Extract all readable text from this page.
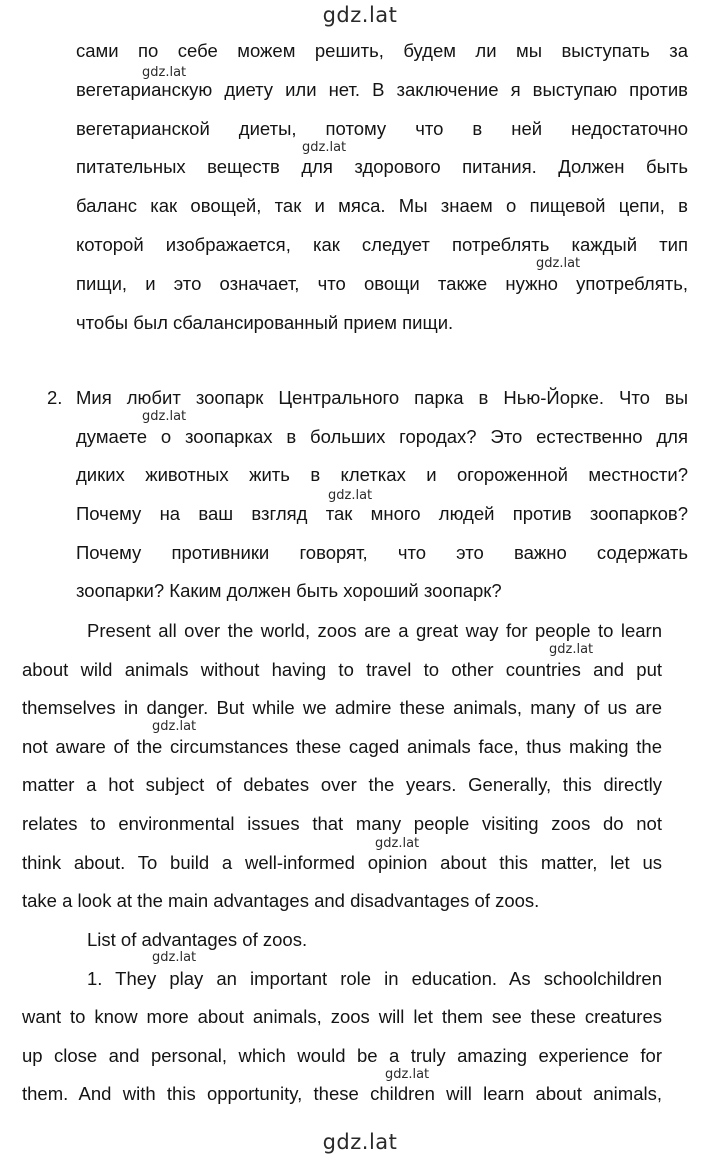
gdz.lat
gdz.lat
сами по себе можем решить, будем ли мы выступать за
вегетарианскую диету или нет. В заключение я выступаю против
вегетарианской диеты, потому что в ней недостаточно
питательных веществ для здорового питания. Должен быть
баланс как овощей, так и мяса. Мы знаем о пищевой цепи, в
которой изображается, как следует потреблять каждый тип
пищи, и это означает, что овощи также нужно употреблять,
чтобы был сбалансированный прием пищи.
2. Мия любит зоопарк Центрального парка в Нью-Йорке. Что вы
думаете о зоопарках в больших городах? Это естественно для
диких животных жить в клетках и огороженной местности?
Почему на ваш взгляд так много людей против зоопарков?
Почему противники говорят, что это важно содержать
зоопарки? Каким должен быть хороший зоопарк?
Present all over the world, zoos are a great way for people to learn
about wild animals without having to travel to other countries and put
themselves in danger. But while we admire these animals, many of us are
not aware of the circumstances these caged animals face, thus making the
matter a hot subject of debates over the years. Generally, this directly
relates to environmental issues that many people visiting zoos do not
think about. To build a well-informed opinion about this matter, let us
take a look at the main advantages and disadvantages of zoos.
List of advantages of zoos.
1. They play an important role in education. As schoolchildren
want to know more about animals, zoos will let them see these creatures
up close and personal, which would be a truly amazing experience for
them. And with this opportunity, these children will learn about animals,
gdz.lat
gdz.lat
gdz.lat
gdz.lat
gdz.lat
gdz.lat
gdz.lat
gdz.lat
gdz.lat
gdz.lat
